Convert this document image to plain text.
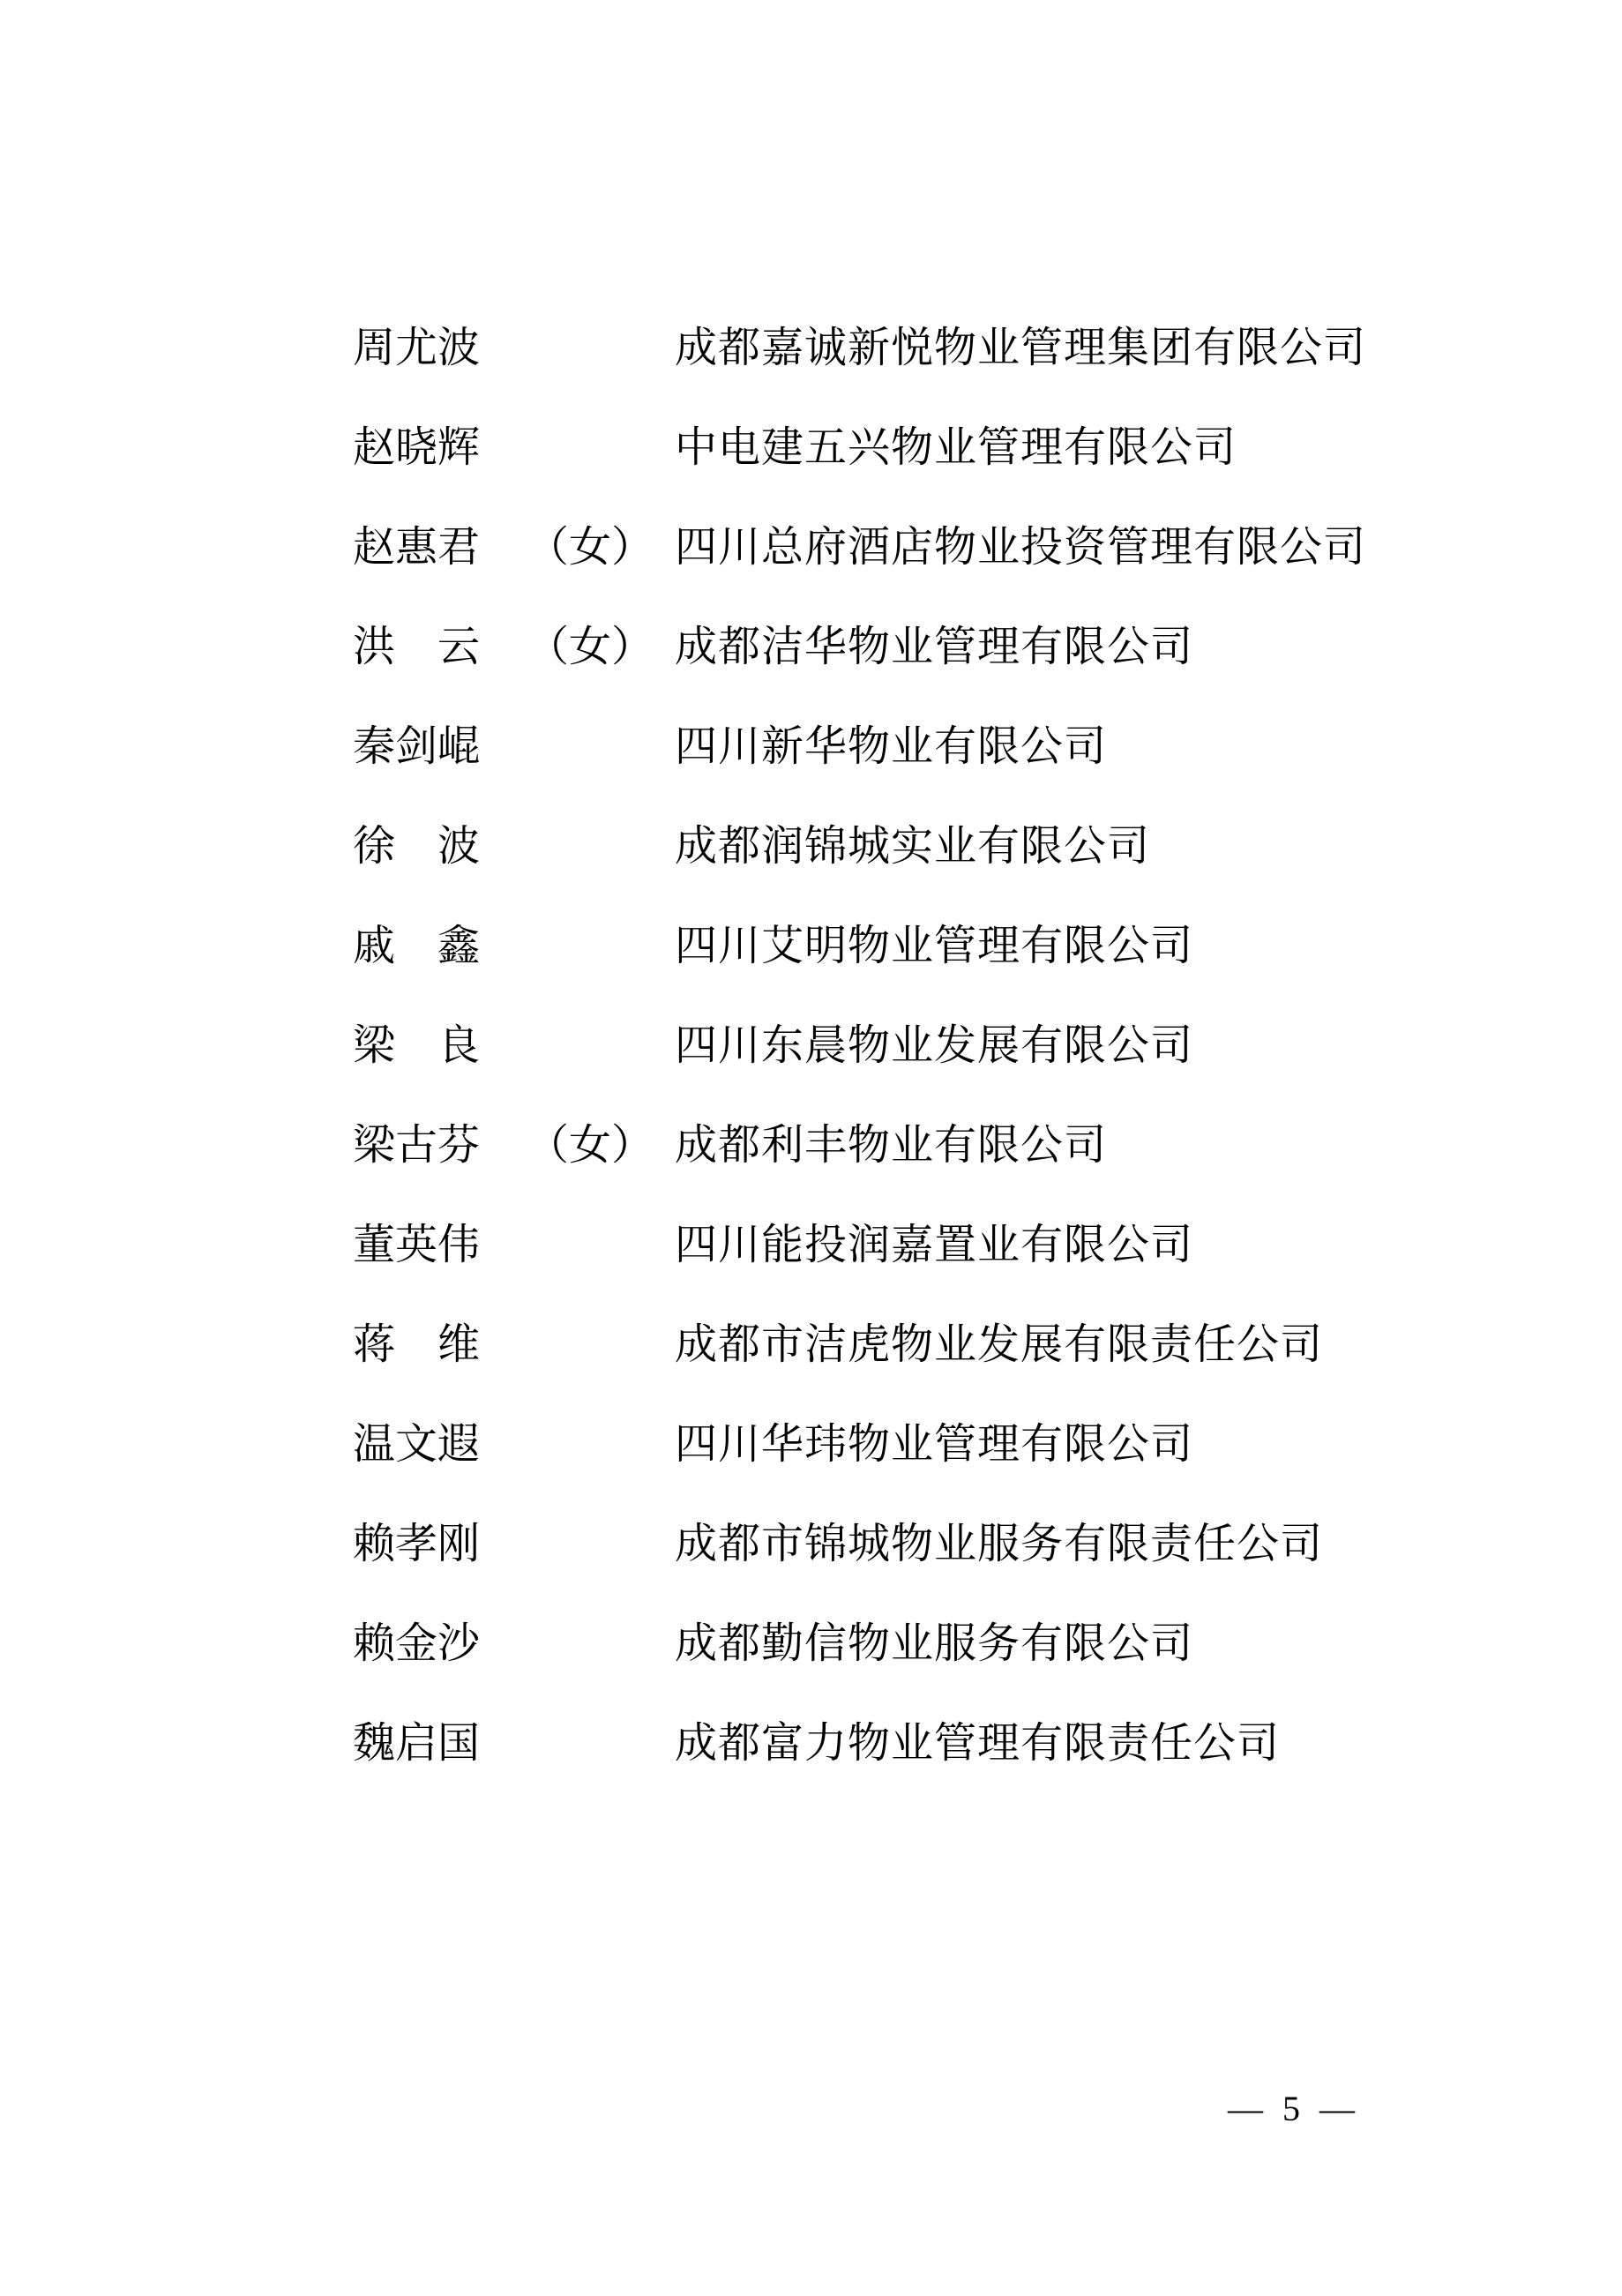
周尤波	成都嘉诚新悦物业管理集团有限公司
赵晓辉	中电建五兴物业管理有限公司
赵惠君	（女） 四川总府酒店物业投资管理有限公司
洪　云	（女） 成都洁华物业管理有限公司
秦剑崐	四川新华物业有限公司
徐　波	成都润锦城实业有限公司
戚　鑫	四川艾明物业管理有限公司
梁　良	四川东晨物业发展有限公司
梁古芬	（女） 成都利丰物业有限公司
董英伟	四川能投润嘉置业有限公司
蒋　维	成都市洁虎物业发展有限责任公司
温文遐	四川华玮物业管理有限公司
赖孝刚	成都市锦城物业服务有限责任公司
赖金沙	成都勤信物业服务有限公司
魏启国	成都富力物业管理有限责任公司
— 5 —
